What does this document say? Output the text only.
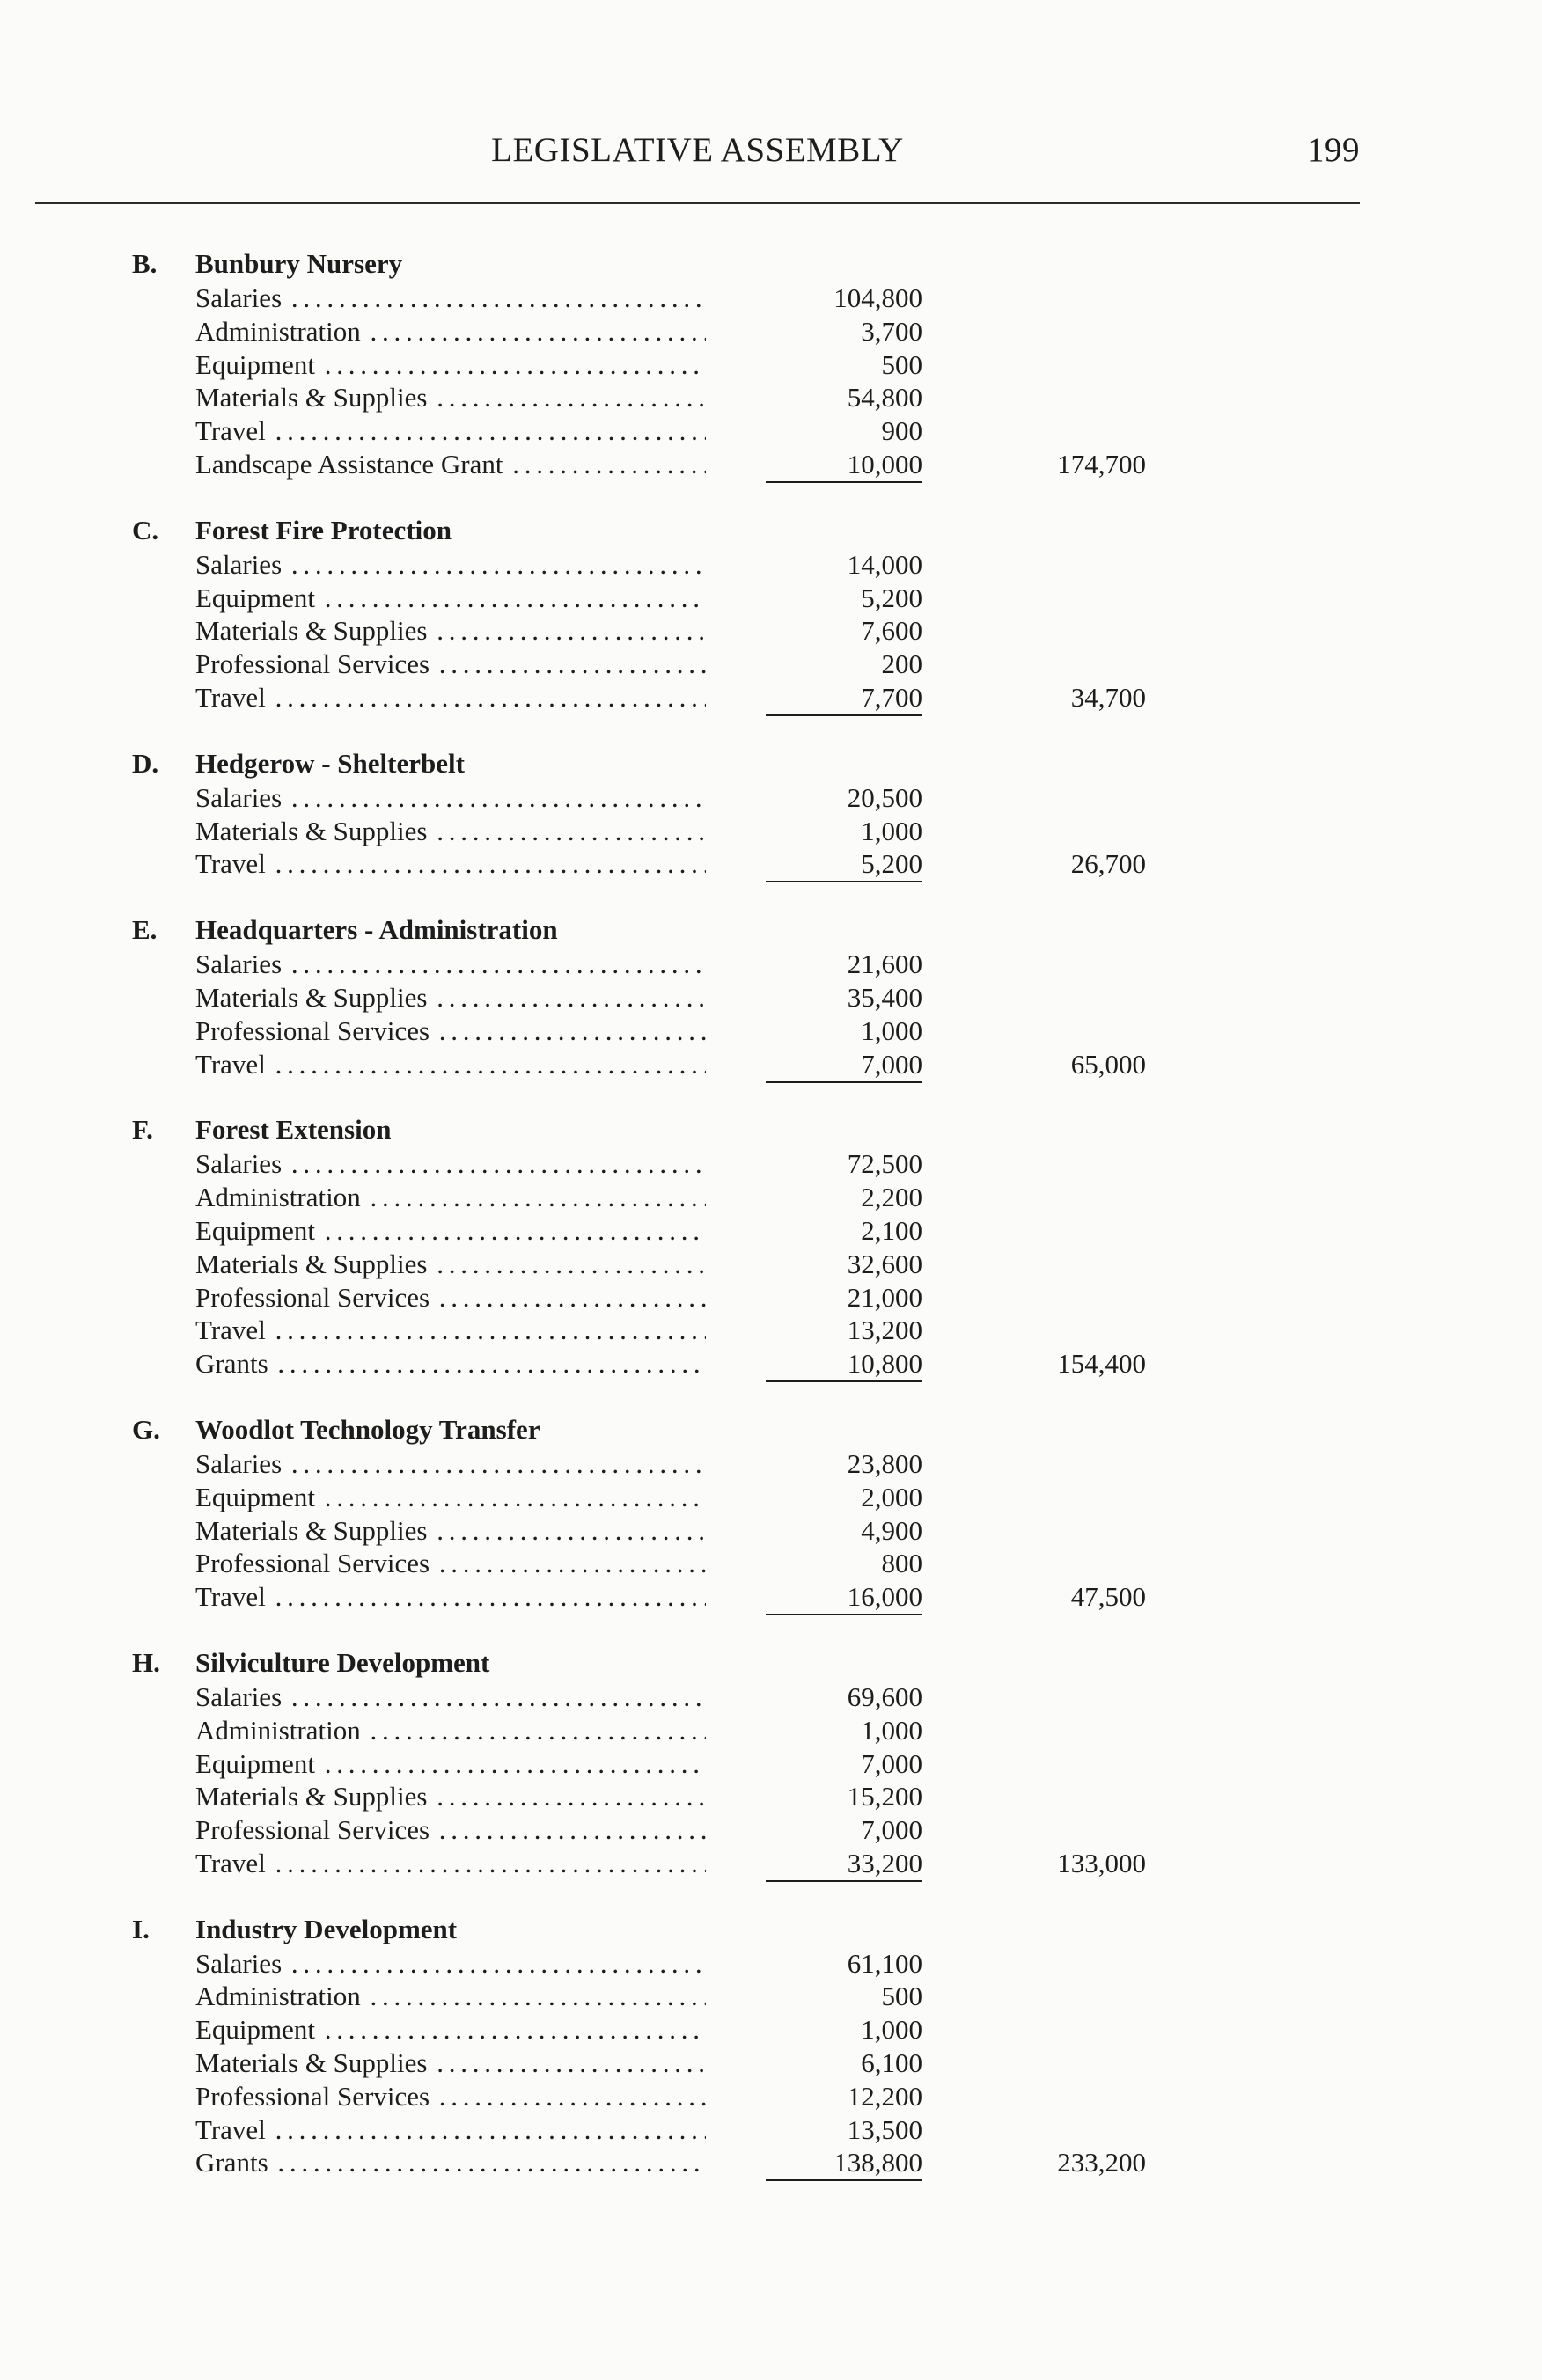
LEGISLATIVE ASSEMBLY	199
B.	Bunbury Nursery
Salaries . . .	104,800
Administration . . .	3,700
Equipment . . .	500
Materials & Supplies . . .	54,800
Travel . . .	900
Landscape Assistance Grant . . .	10,000	174,700
C.	Forest Fire Protection
Salaries . . .	14,000
Equipment . . .	5,200
Materials & Supplies . . .	7,600
Professional Services . . .	200
Travel . . .	7,700	34,700
D.	Hedgerow - Shelterbelt
Salaries . . .	20,500
Materials & Supplies . . .	1,000
Travel . . .	5,200	26,700
E.	Headquarters - Administration
Salaries . . .	21,600
Materials & Supplies . . .	35,400
Professional Services . . .	1,000
Travel . . .	7,000	65,000
F.	Forest Extension
Salaries . . .	72,500
Administration . . .	2,200
Equipment . . .	2,100
Materials & Supplies . . .	32,600
Professional Services . . .	21,000
Travel . . .	13,200
Grants . . .	10,800	154,400
G.	Woodlot Technology Transfer
Salaries . . .	23,800
Equipment . . .	2,000
Materials & Supplies . . .	4,900
Professional Services . . .	800
Travel . . .	16,000	47,500
H.	Silviculture Development
Salaries . . .	69,600
Administration . . .	1,000
Equipment . . .	7,000
Materials & Supplies . . .	15,200
Professional Services . . .	7,000
Travel . . .	33,200	133,000
I.	Industry Development
Salaries . . .	61,100
Administration . . .	500
Equipment . . .	1,000
Materials & Supplies . . .	6,100
Professional Services . . .	12,200
Travel . . .	13,500
Grants . . .	138,800	233,200
